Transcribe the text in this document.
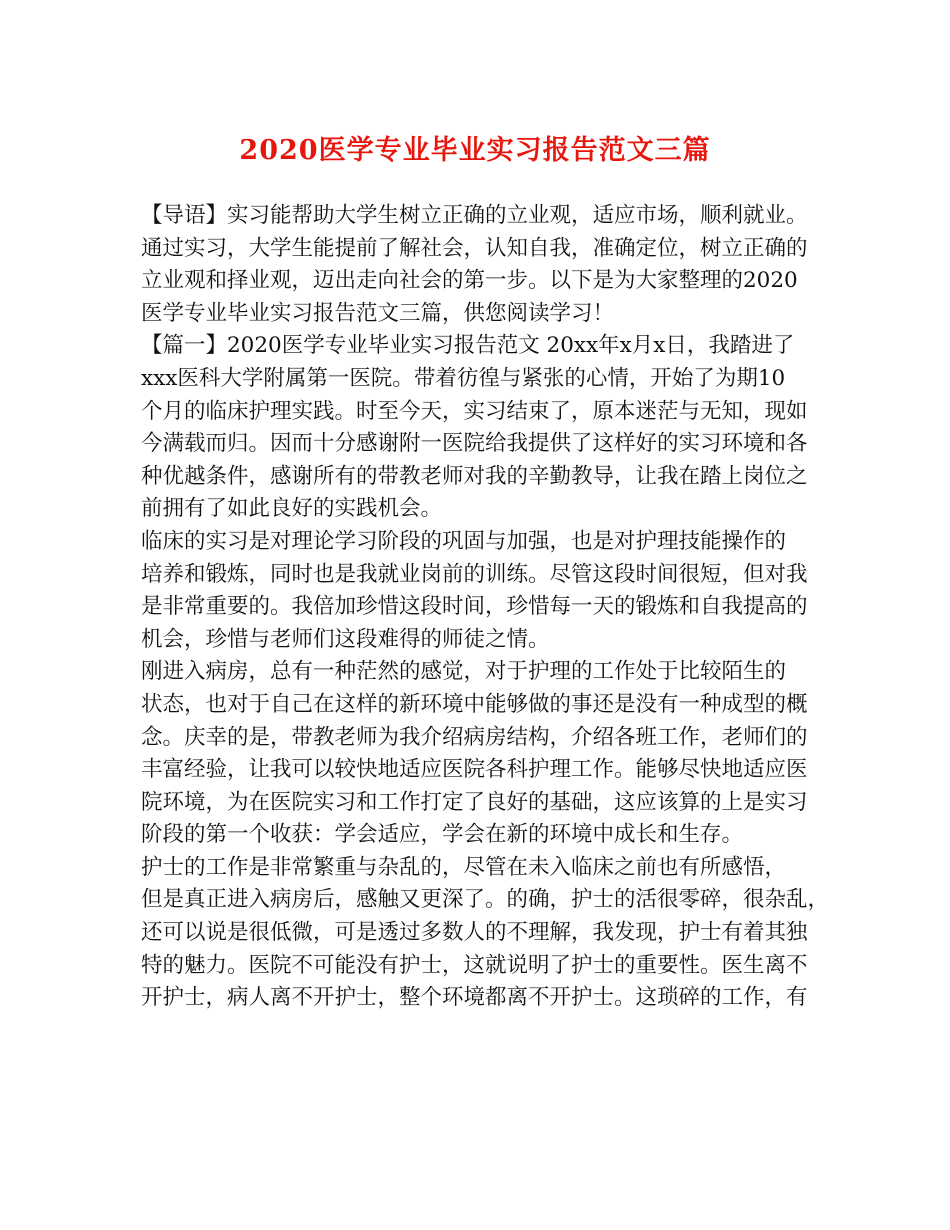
2020医学专业毕业实习报告范文三篇
【导语】实习能帮助大学生树立正确的立业观，适应市场，顺利就业。
通过实习，大学生能提前了解社会，认知自我，准确定位，树立正确的
立业观和择业观，迈出走向社会的第一步。以下是为大家整理的2020
医学专业毕业实习报告范文三篇，供您阅读学习！
【篇一】2020医学专业毕业实习报告范文 20xx年x月x日，我踏进了
xxx医科大学附属第一医院。带着彷徨与紧张的心情，开始了为期10
个月的临床护理实践。时至今天，实习结束了，原本迷茫与无知，现如
今满载而归。因而十分感谢附一医院给我提供了这样好的实习环境和各
种优越条件，感谢所有的带教老师对我的辛勤教导，让我在踏上岗位之
前拥有了如此良好的实践机会。
临床的实习是对理论学习阶段的巩固与加强，也是对护理技能操作的
培养和锻炼，同时也是我就业岗前的训练。尽管这段时间很短，但对我
是非常重要的。我倍加珍惜这段时间，珍惜每一天的锻炼和自我提高的
机会，珍惜与老师们这段难得的师徒之情。
刚进入病房，总有一种茫然的感觉，对于护理的工作处于比较陌生的
状态，也对于自己在这样的新环境中能够做的事还是没有一种成型的概
念。庆幸的是，带教老师为我介绍病房结构，介绍各班工作，老师们的
丰富经验，让我可以较快地适应医院各科护理工作。能够尽快地适应医
院环境，为在医院实习和工作打定了良好的基础，这应该算的上是实习
阶段的第一个收获：学会适应，学会在新的环境中成长和生存。
护士的工作是非常繁重与杂乱的，尽管在未入临床之前也有所感悟，
但是真正进入病房后，感触又更深了。的确，护士的活很零碎，很杂乱，
还可以说是很低微，可是透过多数人的不理解，我发现，护士有着其独
特的魅力。医院不可能没有护士，这就说明了护士的重要性。医生离不
开护士，病人离不开护士，整个环境都离不开护士。这琐碎的工作，有
